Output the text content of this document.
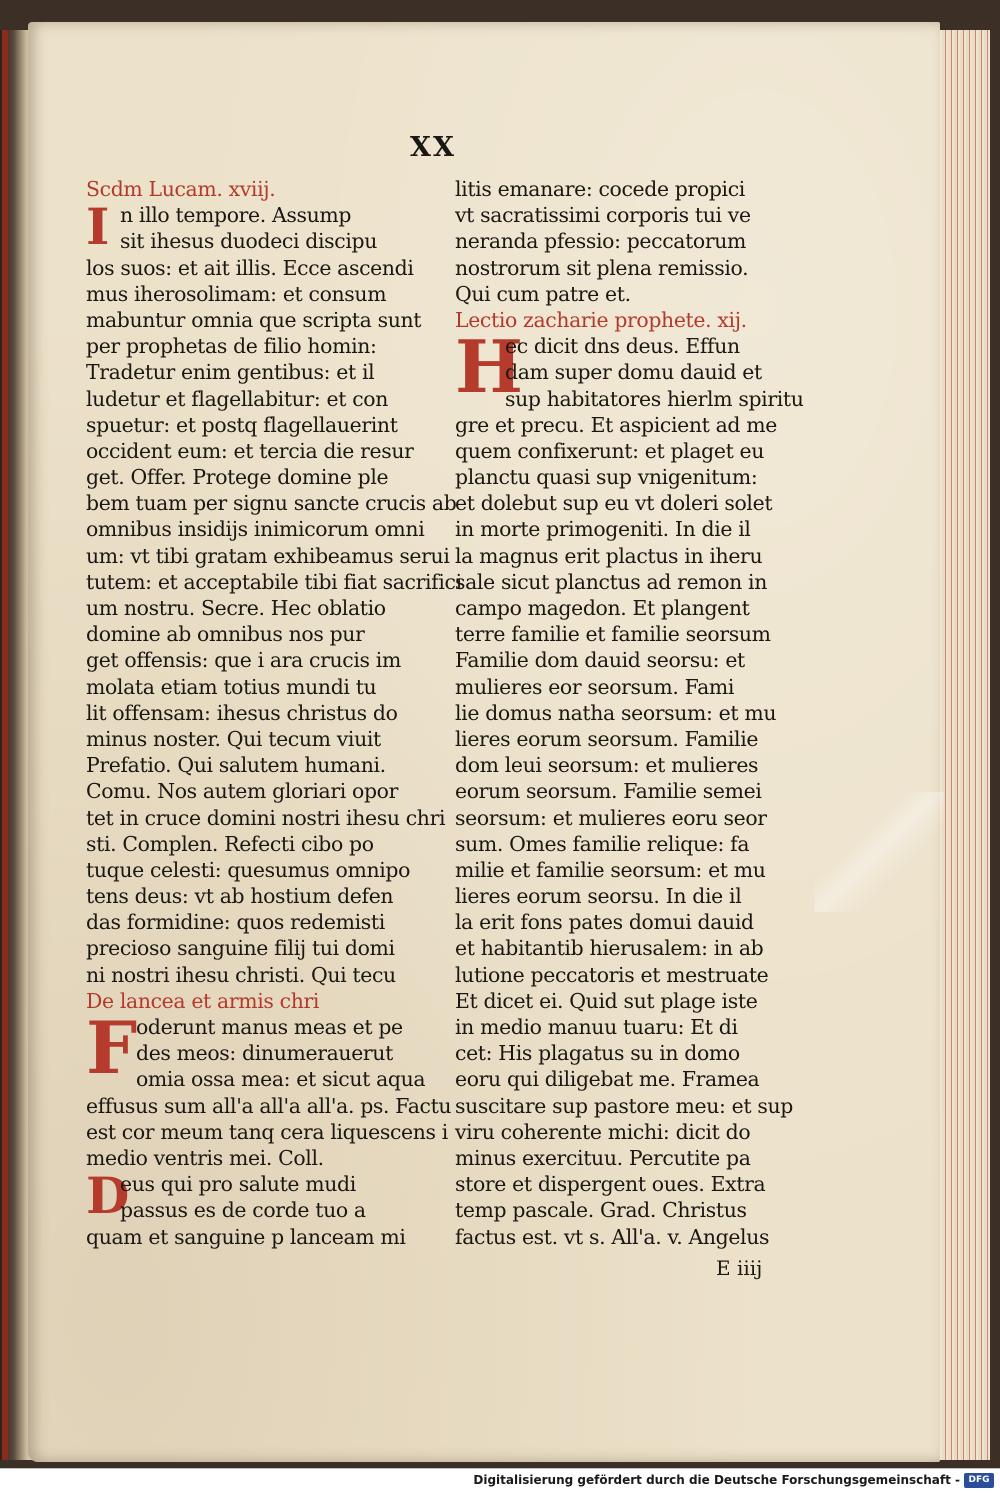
XX
Scdm Lucam. xviij.
In illo tempore. Assump
sit ihesus duodeci discipu
los suos: et ait illis. Ecce ascendi
mus iherosolimam: et consum
mabuntur omnia que scripta sunt
per prophetas de filio homin:
Tradetur enim gentibus: et il
ludetur et flagellabitur: et con
spuetur: et postq flagellauerint
occident eum: et tercia die resur
get. Offer. Protege domine ple
bem tuam per signu sancte crucis ab
omnibus insidijs inimicorum omni
um: vt tibi gratam exhibeamus serui
tutem: et acceptabile tibi fiat sacrifici
um nostru. Secre. Hec oblatio
domine ab omnibus nos pur
get offensis: que i ara crucis im
molata etiam totius mundi tu
lit offensam: ihesus christus do
minus noster. Qui tecum viuit
Prefatio. Qui salutem humani.
Comu. Nos autem gloriari opor
tet in cruce domini nostri ihesu chri
sti. Complen. Refecti cibo po
tuque celesti: quesumus omnipo
tens deus: vt ab hostium defen
das formidine: quos redemisti
precioso sanguine filij tui domi
ni nostri ihesu christi. Qui tecu
De lancea et armis chri
Foderunt manus meas et pe
des meos: dinumerauerut
omia ossa mea: et sicut aqua
effusus sum all'a all'a all'a. ps. Factu
est cor meum tanq cera liquescens i
medio ventris mei. Coll.
D
eus qui pro salute mudi
passus es de corde tuo a
quam et sanguine p lanceam mi
litis emanare: cocede propici
vt sacratissimi corporis tui ve
neranda pfessio: peccatorum
nostrorum sit plena remissio.
Qui cum patre et.
Lectio zacharie prophete. xij.
H
ec dicit dns deus. Effun
dam super domu dauid et
sup habitatores hierlm spiritu
gre et precu. Et aspicient ad me
quem confixerunt: et plaget eu
planctu quasi sup vnigenitum:
et dolebut sup eu vt doleri solet
in morte primogeniti. In die il
la magnus erit plactus in iheru
sale sicut planctus ad remon in
campo magedon. Et plangent
terre familie et familie seorsum
Familie dom dauid seorsu: et
mulieres eor seorsum. Fami
lie domus natha seorsum: et mu
lieres eorum seorsum. Familie
dom leui seorsum: et mulieres
eorum seorsum. Familie semei
seorsum: et mulieres eoru seor
sum. Omes familie relique: fa
milie et familie seorsum: et mu
lieres eorum seorsu. In die il
la erit fons pates domui dauid
et habitantib hierusalem: in ab
lutione peccatoris et mestruate
Et dicet ei. Quid sut plage iste
in medio manuu tuaru: Et di
cet: His plagatus su in domo
eoru qui diligebat me. Framea
suscitare sup pastore meu: et sup
viru coherente michi: dicit do
minus exercituu. Percutite pa
store et dispergent oues. Extra
temp pascale. Grad. Christus
factus est. vt s. All'a. v. Angelus
E iiij
Digitalisierung gefördert durch die Deutsche Forschungsgemeinschaft - DFG
